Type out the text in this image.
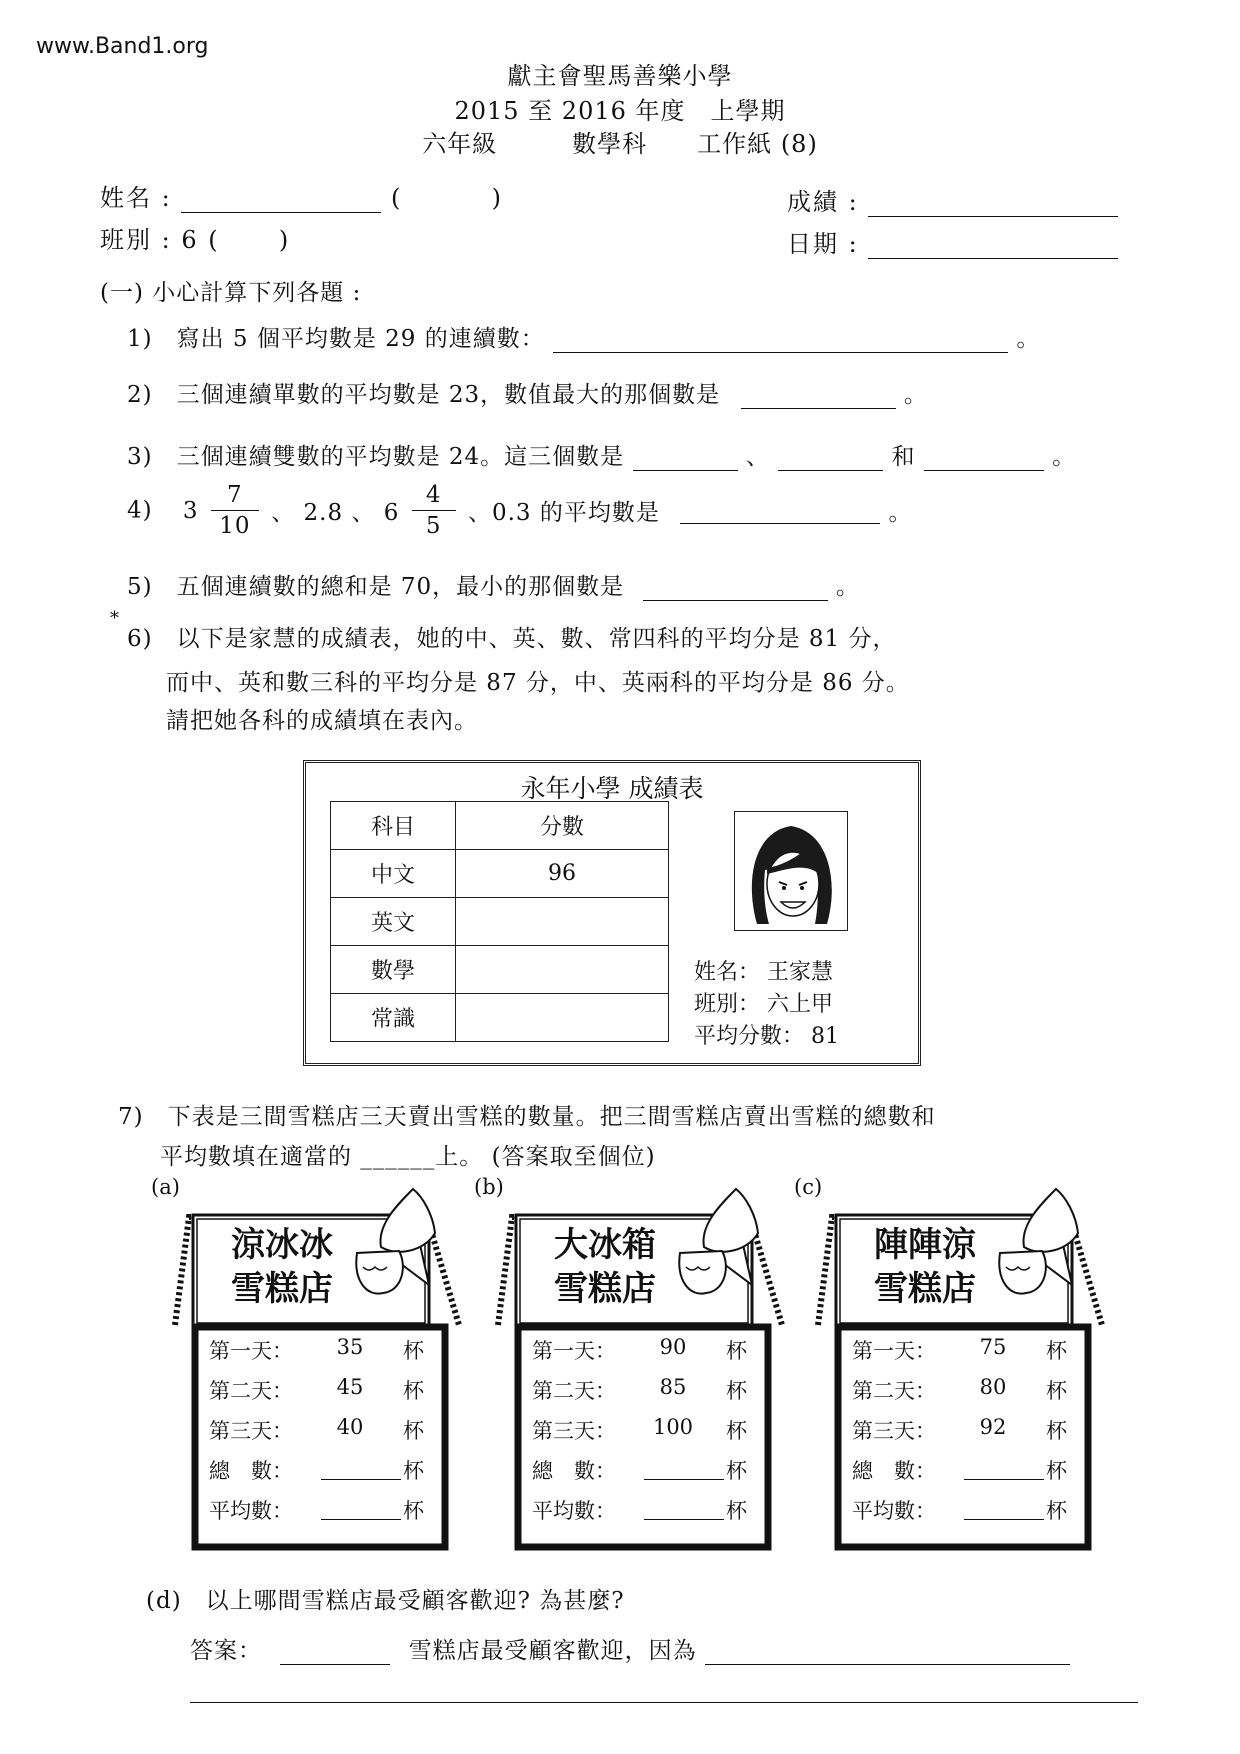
www.Band1.org
獻主會聖馬善樂小學
2015 至 2016 年度　上學期
六年級　　　數學科　　工作紙 (8)
姓名 :	(	)
班別 : 6 ( )
成績 :
日期 :
(一) 小心計算下列各題 :
1)　寫出 5 個平均數是 29 的連續數：	。
2)　三個連續單數的平均數是 23，數值最大的那個數是	。
3)　三個連續雙數的平均數是 24。這三個數是	、	和	。
4) $3 \frac{7}{10}$ 、 2.8 、 $6 \frac{4}{5}$ 、0.3 的平均數是	。
5)　五個連續數的總和是 70，最小的那個數是	。
*
6)　以下是家慧的成績表，她的中、英、數、常四科的平均分是 81 分，
而中、英和數三科的平均分是 87 分，中、英兩科的平均分是 86 分。
請把她各科的成績填在表內。
永年小學 成績表
科目	分數
中文	96
英文	
數學	
常識	
姓名： 王家慧
班別： 六上甲
平均分數： 81
7)　下表是三間雪糕店三天賣出雪糕的數量。把三間雪糕店賣出雪糕的總數和
平均數填在適當的 ______上。 (答案取至個位)
(a)
涼冰冰
雪糕店
第一天：	35	杯
第二天：	45	杯
第三天：	40	杯
總　數：	杯
平均數：	杯
(b)
大冰箱
雪糕店
第一天：	90	杯
第二天：	85	杯
第三天： 100 杯
總　數：	杯
平均數：	杯
(c)
陣陣涼
雪糕店
第一天：	75	杯
第二天：	80	杯
第三天：	92	杯
總　數：	杯
平均數：	杯
(d)　以上哪間雪糕店最受顧客歡迎? 為甚麼?
答案：	雪糕店最受顧客歡迎，因為
